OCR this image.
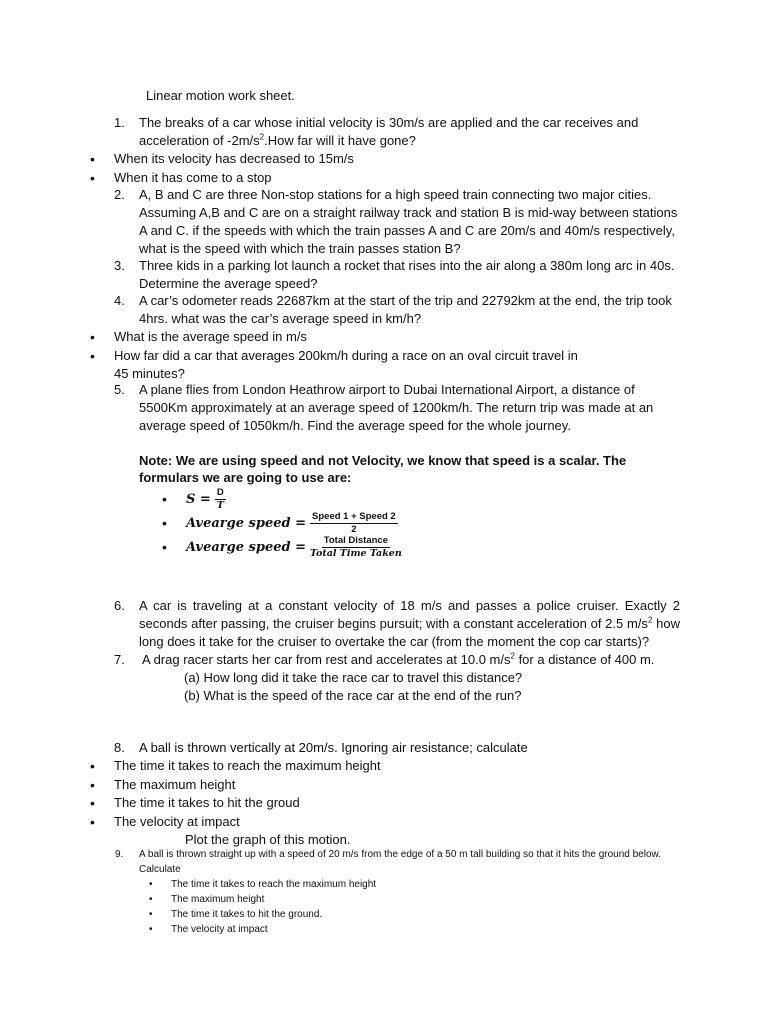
Linear motion work sheet.
1.	The breaks of a car whose initial velocity is 30m/s are applied and the car receives and acceleration of $-2m/s^2.How$ far will it have gone?
• When its velocity has decreased to 15m/s
• When it has come to a stop
2.	A, B and C are three Non-stop stations for a high speed train connecting two major cities. Assuming A,B and C are on a straight railway track and station B is mid-way between stations A and C. if the speeds with which the train passes A and C are 20m/s and 40m/s respectively, what is the speed with which the train passes station B?
3.	Three kids in a parking lot launch a rocket that rises into the air along a 380m long arc in 40s. Determine the average speed?
4.	A car’s odometer reads 22687km at the start of the trip and 22792km at the end, the trip took 4hrs. what was the car’s average speed in km/h?
• What is the average speed in m/s
• How far did a car that averages 200km/h during a race on an oval circuit travel in 45 minutes?
5.	A plane flies from London Heathrow airport to Dubai International Airport, a distance of 5500Km approximately at an average speed of 1200km/h. The return trip was made at an average speed of 1050km/h. Find the average speed for the whole journey.
Note: We are using speed and not Velocity, we know that speed is a scalar. The formulars we are going to use are:
• $S = \frac{D}{T}$
• Avearge speed = $\frac{\text{Speed 1 + Speed 2}}{2}$
• Avearge speed = $\frac{\text{Total Distance}}{\text{Total Time Taken}}$
6.	A car is traveling at a constant velocity of 18 m/s and passes a police cruiser. Exactly 2 seconds after passing, the cruiser begins pursuit; with a constant acceleration of 2.5 $m/s^2$ how long does it take for the cruiser to overtake the car (from the moment the cop car starts)?
7.	A drag racer starts her car from rest and accelerates at 10.0 $m/s^2$ for a distance of 400 m.
(a) How long did it take the race car to travel this distance?
(b) What is the speed of the race car at the end of the run?
8.	A ball is thrown vertically at 20m/s. Ignoring air resistance; calculate
• The time it takes to reach the maximum height
• The maximum height
• The time it takes to hit the groud
• The velocity at impact
Plot the graph of this motion.
9. A ball is thrown straight up with a speed of 20 m/s from the edge of a 50 m tall building so that it hits the ground below. Calculate
• The time it takes to reach the maximum height
• The maximum height
• The time it takes to hit the ground.
• The velocity at impact
